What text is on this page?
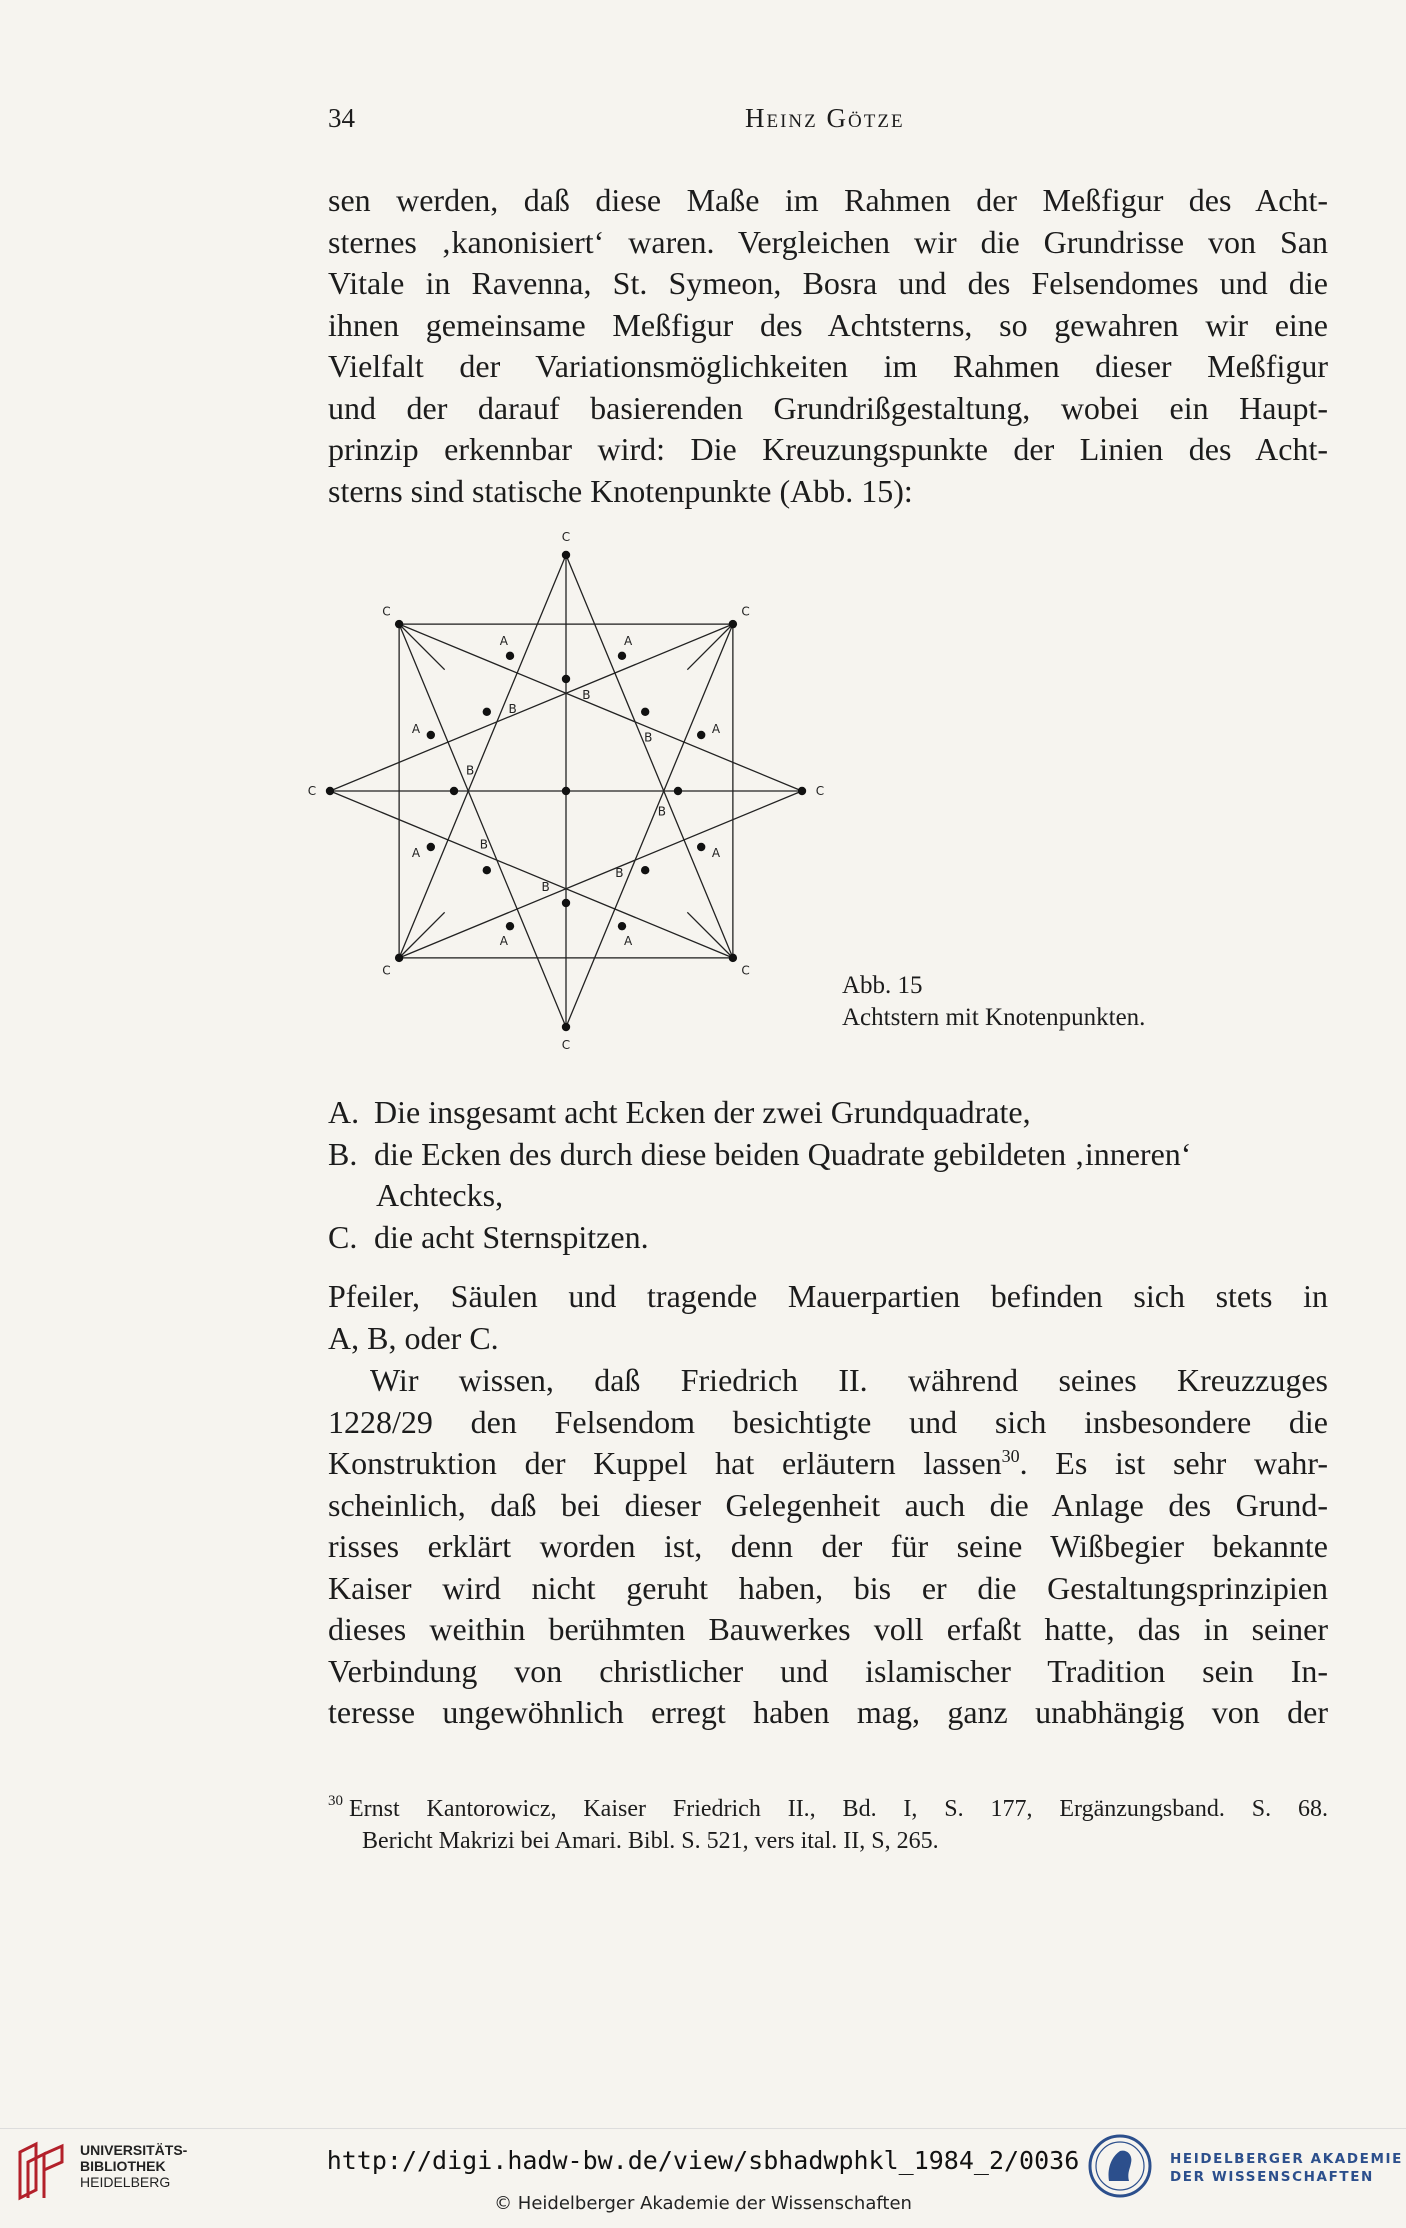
34	Heinz Götze

sen werden, daß diese Maße im Rahmen der Meßfigur des Acht-
sternes ‚kanonisiert‘ waren. Vergleichen wir die Grundrisse von San
Vitale in Ravenna, St. Symeon, Bosra und des Felsendomes und die
ihnen gemeinsame Meßfigur des Achtsterns, so gewahren wir eine
Vielfalt der Variationsmöglichkeiten im Rahmen dieser Meßfigur
und der darauf basierenden Grundrißgestaltung, wobei ein Haupt-
prinzip erkennbar wird: Die Kreuzungspunkte der Linien des Acht-
sterns sind statische Knotenpunkte (Abb. 15):

C
A
B
C
A
B
C
A
B
C
A
B
C
A
B
C
A
B
C
A
B
C
A
B
Abb. 15
Achtstern mit Knotenpunkten.
A. Die insgesamt acht Ecken der zwei Grundquadrate,
B. die Ecken des durch diese beiden Quadrate gebildeten ‚inneren‘
Achtecks,
C. die acht Sternspitzen.

Pfeiler, Säulen und tragende Mauerpartien befinden sich stets in
A, B, oder C.

Wir wissen, daß Friedrich II. während seines Kreuzzuges
1228/29 den Felsendom besichtigte und sich insbesondere die
Konstruktion der Kuppel hat erläutern lassen$^{30}$. Es ist sehr wahr-
scheinlich, daß bei dieser Gelegenheit auch die Anlage des Grund-
risses erklärt worden ist, denn der für seine Wißbegier bekannte
Kaiser wird nicht geruht haben, bis er die Gestaltungsprinzipien
dieses weithin berühmten Bauwerkes voll erfaßt hatte, das in seiner
Verbindung von christlicher und islamischer Tradition sein In-
teresse ungewöhnlich erregt haben mag, ganz unabhängig von der

$^{30}$ Ernst Kantorowicz, Kaiser Friedrich II., Bd. I, S. 177, Ergänzungsband. S. 68.
Bericht Makrizi bei Amari. Bibl. S. 521, vers ital. II, S, 265.
UNIVERSITÄTS-
BIBLIOTHEK
HEIDELBERG
http://digi.hadw-bw.de/view/sbhadwphkl_1984_2/0036
© Heidelberger Akademie der Wissenschaften
HEIDELBERGER AKADEMIE
DER WISSENSCHAFTEN
